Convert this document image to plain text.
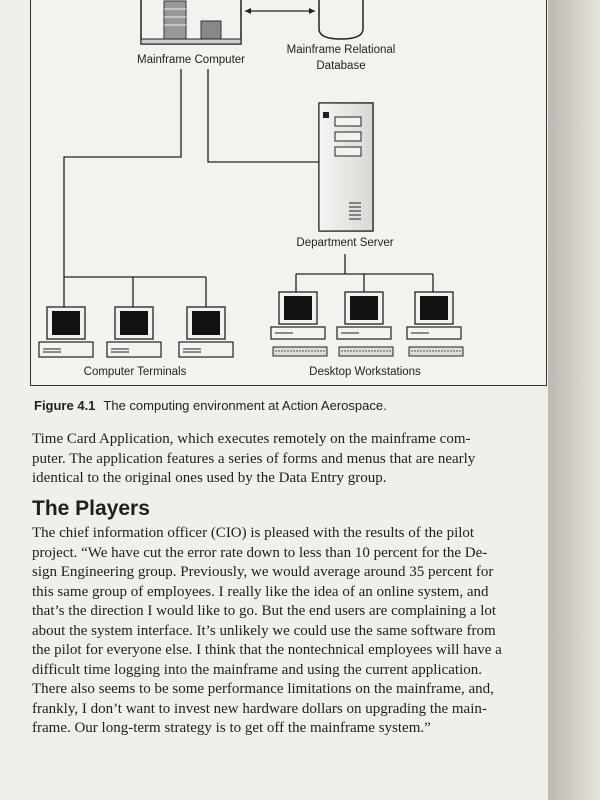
Mainframe Computer
Mainframe Relational
Database
Department Server
Computer Terminals	Desktop Workstations
Figure 4.1 The computing environment at Action Aerospace.
Time Card Application, which executes remotely on the mainframe com-
puter. The application features a series of forms and menus that are nearly
identical to the original ones used by the Data Entry group.
The Players
The chief information officer (CIO) is pleased with the results of the pilot
project. “We have cut the error rate down to less than 10 percent for the De-
sign Engineering group. Previously, we would average around 35 percent for
this same group of employees. I really like the idea of an online system, and
that’s the direction I would like to go. But the end users are complaining a lot
about the system interface. It’s unlikely we could use the same software from
the pilot for everyone else. I think that the nontechnical employees will have a
difficult time logging into the mainframe and using the current application.
There also seems to be some performance limitations on the mainframe, and,
frankly, I don’t want to invest new hardware dollars on upgrading the main-
frame. Our long-term strategy is to get off the mainframe system.”
